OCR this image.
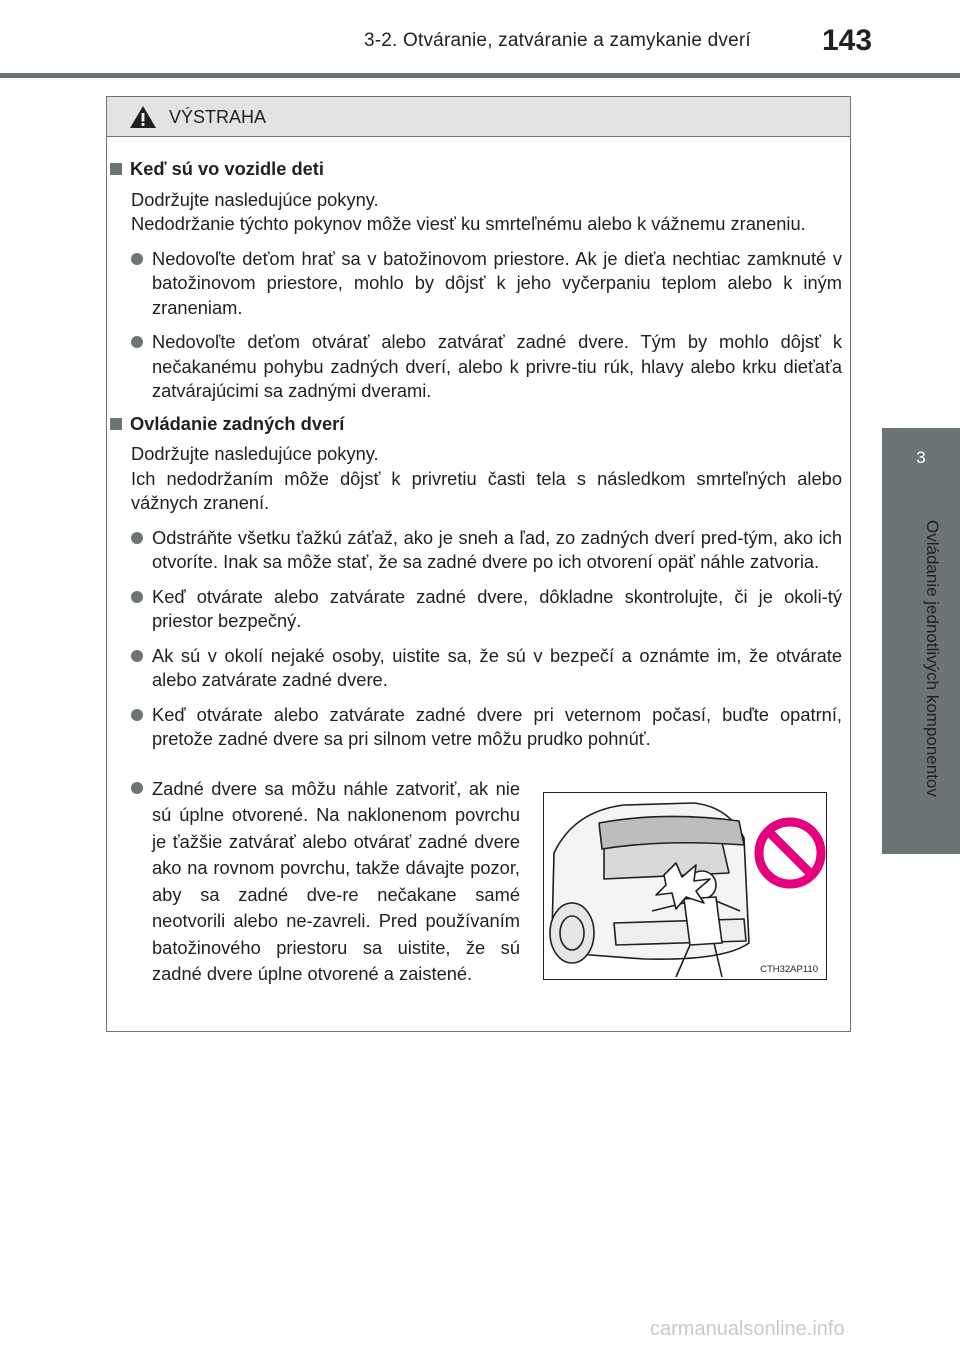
3-2. Otváranie, zatváranie a zamykanie dverí 143
3
Ovládanie jednotlivých komponentov
VÝSTRAHA
Keď sú vo vozidle deti
Dodržujte nasledujúce pokyny.
Nedodržanie týchto pokynov môže viesť ku smrteľnému alebo k vážnemu zraneniu.
Nedovoľte deťom hrať sa v batožinovom priestore. Ak je dieťa nechtiac zamknuté v batožinovom priestore, mohlo by dôjsť k jeho vyčerpaniu teplom alebo k iným zraneniam.
Nedovoľte deťom otvárať alebo zatvárať zadné dvere. Tým by mohlo dôjsť k nečakanému pohybu zadných dverí, alebo k privre-tiu rúk, hlavy alebo krku dieťaťa zatvárajúcimi sa zadnými dverami.
Ovládanie zadných dverí
Dodržujte nasledujúce pokyny.
Ich nedodržaním môže dôjsť k privretiu časti tela s následkom smrteľných alebo vážnych zranení.
Odstráňte všetku ťažkú záťaž, ako je sneh a ľad, zo zadných dverí pred-tým, ako ich otvoríte. Inak sa môže stať, že sa zadné dvere po ich otvorení opäť náhle zatvoria.
Keď otvárate alebo zatvárate zadné dvere, dôkladne skontrolujte, či je okoli-tý priestor bezpečný.
Ak sú v okolí nejaké osoby, uistite sa, že sú v bezpečí a oznámte im, že otvárate alebo zatvárate zadné dvere.
Keď otvárate alebo zatvárate zadné dvere pri veternom počasí, buďte opatrní, pretože zadné dvere sa pri silnom vetre môžu prudko pohnúť.
Zadné dvere sa môžu náhle zatvoriť, ak nie sú úplne otvorené. Na naklonenom povrchu je ťažšie zatvárať alebo otvárať zadné dvere ako na rovnom povrchu, takže dávajte pozor, aby sa zadné dve-re nečakane samé neotvorili alebo ne-zavreli. Pred používaním batožinového priestoru sa uistite, že sú zadné dvere úplne otvorené a zaistené.	CTH32AP110
carmanualsonline.info
